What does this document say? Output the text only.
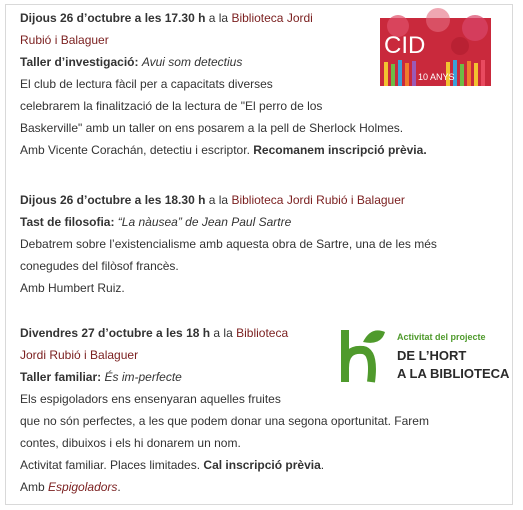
Dijous 26 d’octubre a les 17.30 h a la Biblioteca Jordi
Rubió i Balaguer
Taller d’investigació: Avui som detectius
El club de lectura fàcil per a capacitats diverses
celebrarem la finalització de la lectura de "El perro de los
Baskerville" amb un taller on ens posarem a la pell de Sherlock Holmes.
Amb Vicente Corachán, detectiu i escriptor. Recomanem inscripció prèvia.
CID
10 ANYS
Dijous 26 d’octubre a les 18.30 h a la Biblioteca Jordi Rubió i Balaguer
Tast de filosofia: “La nàusea” de Jean Paul Sartre
Debatrem sobre l’existencialisme amb aquesta obra de Sartre, una de les més
conegudes del filòsof francès.
Amb Humbert Ruiz.
Divendres 27 d’octubre a les 18 h a la Biblioteca
Jordi Rubió i Balaguer
Taller familiar: És im-perfecte
Els espigoladors ens ensenyaran aquelles fruites
que no són perfectes, a les que podem donar una segona oportunitat. Farem
contes, dibuixos i els hi donarem un nom.
Activitat familiar. Places limitades. Cal inscripció prèvia.
Amb Espigoladors.
Activitat del projecte
DE L’HORT
A LA BIBLIOTECA
